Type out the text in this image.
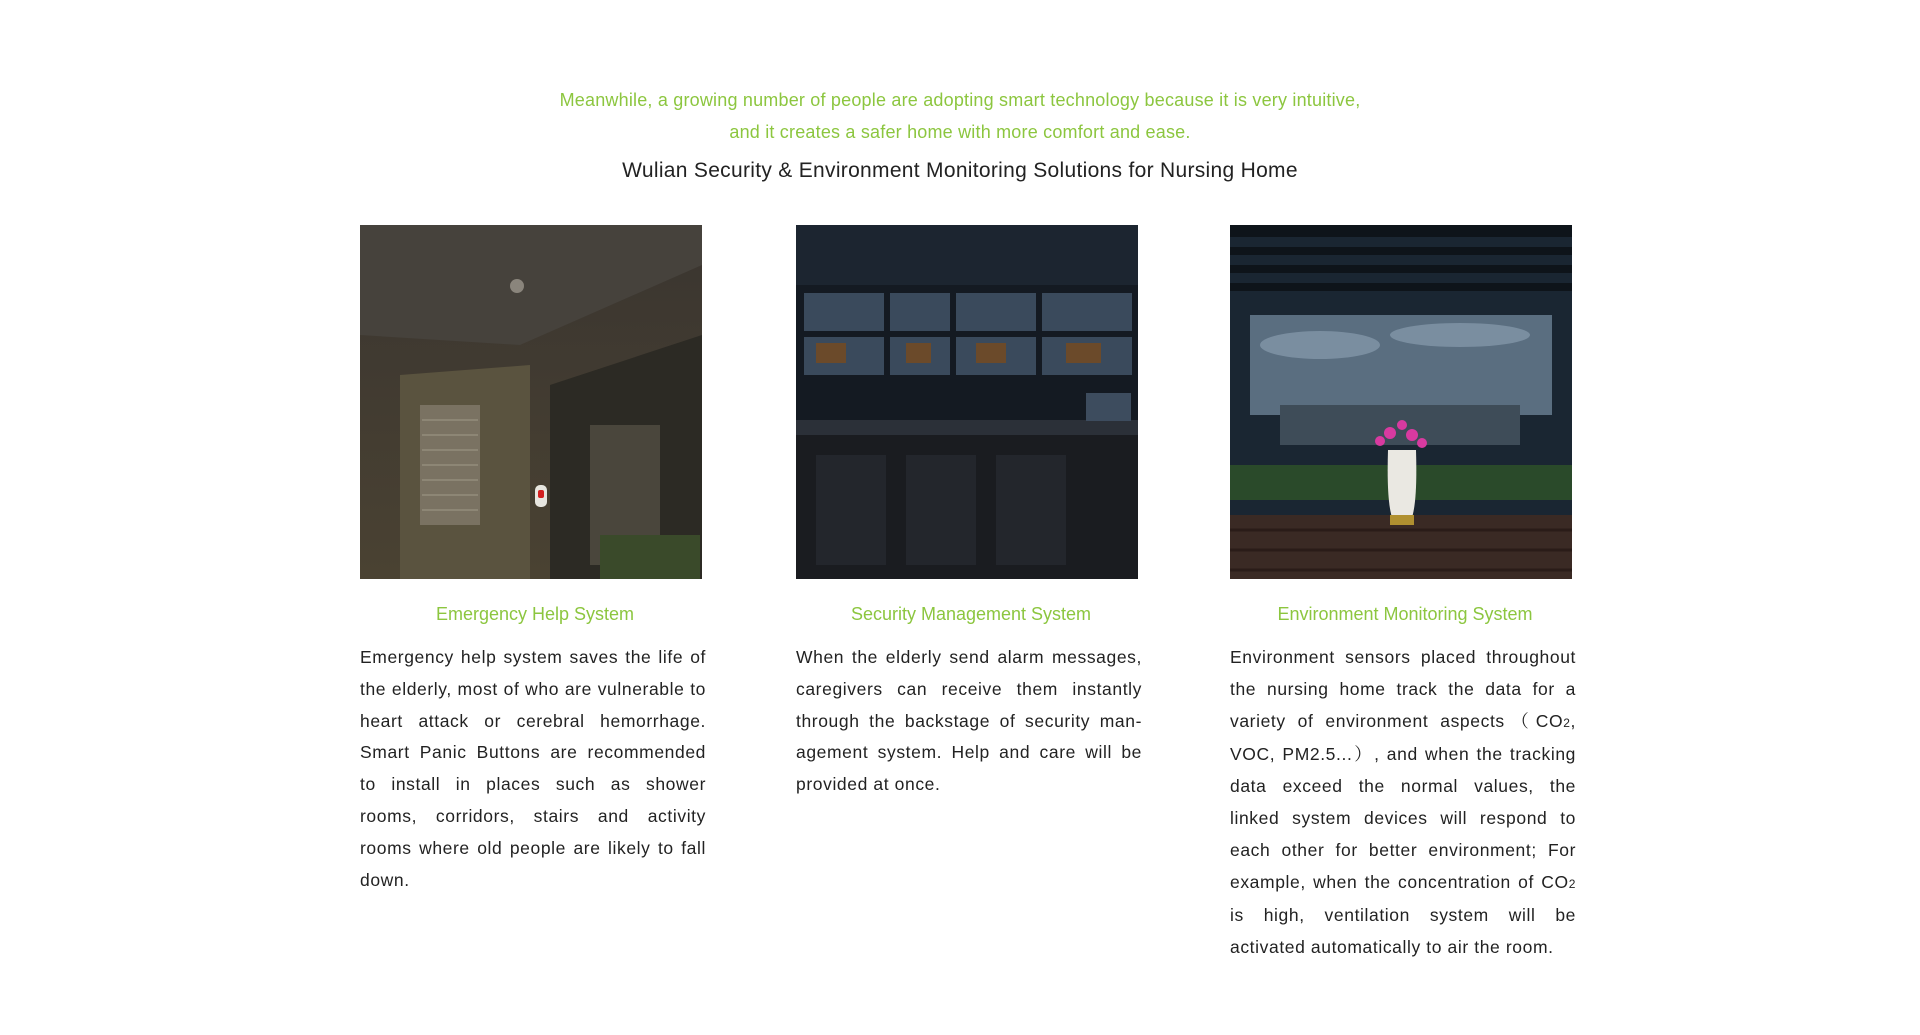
Meanwhile, a growing number of people are adopting smart technology because it is very intuitive,

and it creates a safer home with more comfort and ease.

Wulian Security & Environment Monitoring Solutions for Nursing Home
Emergency Help System

Emergency help system saves the life of the elderly, most of who are vulnerable to heart attack or cerebral hemorrhage. Smart Panic Buttons are recommended to install in places such as shower rooms, corridors, stairs and activity rooms where old people are likely to fall down.

Security Management System

When the elderly send alarm messages, caregivers can receive them instantly through the backstage of security man-agement system. Help and care will be provided at once.

Environment Monitoring System

Environment sensors placed throughout the nursing home track the data for a variety of environment aspects（CO2, VOC, PM2.5...）, and when the tracking data exceed the normal values, the linked system devices will respond to each other for better environment; For example, when the concentration of CO2 is high, ventilation system will be activated automatically to air the room.
